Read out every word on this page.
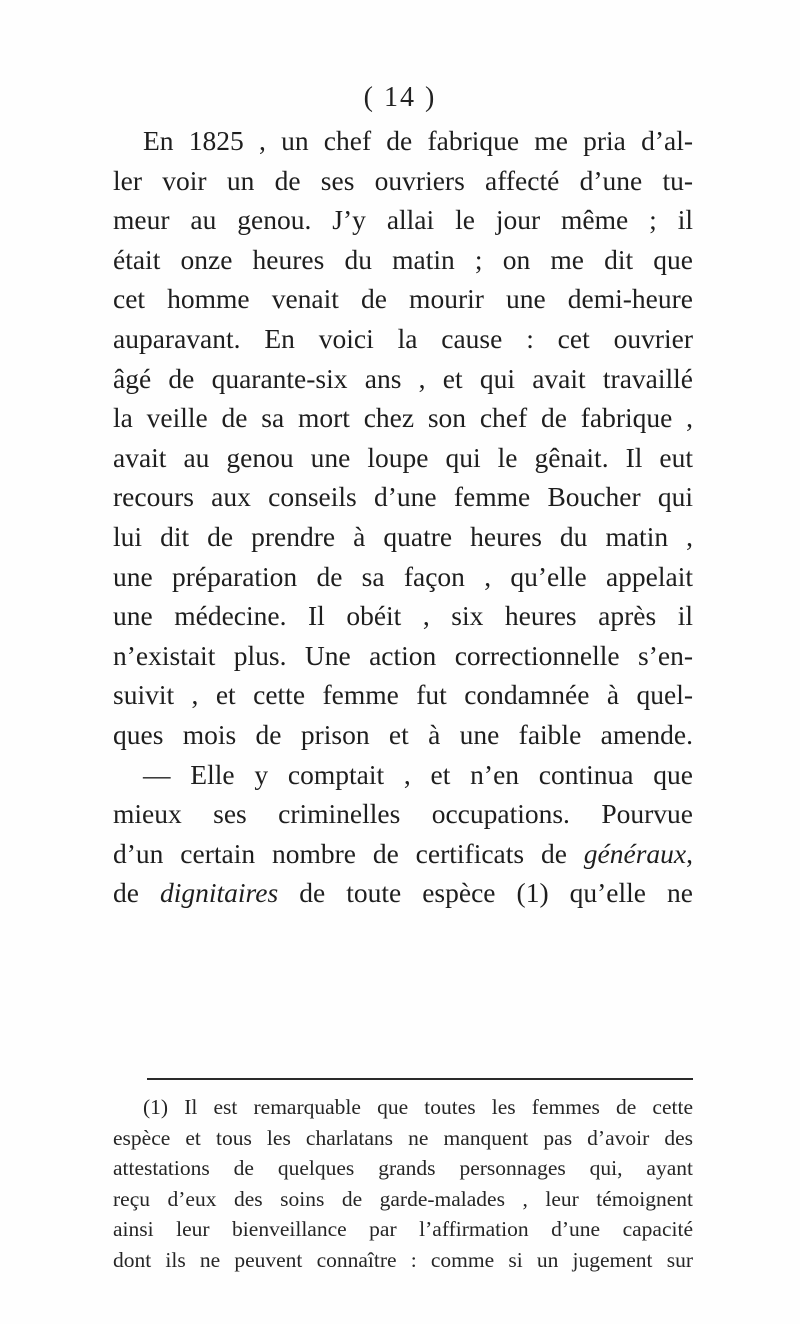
( 14 )
En 1825 , un chef de fabrique me pria d’al-
ler voir un de ses ouvriers affecté d’une tu-
meur au genou. J’y allai le jour même ; il
était onze heures du matin ; on me dit que
cet homme venait de mourir une demi-heure
auparavant. En voici la cause : cet ouvrier
âgé de quarante-six ans , et qui avait travaillé
la veille de sa mort chez son chef de fabrique ,
avait au genou une loupe qui le gênait. Il eut
recours aux conseils d’une femme Boucher qui
lui dit de prendre à quatre heures du matin ,
une préparation de sa façon , qu’elle appelait
une médecine. Il obéit , six heures après il
n’existait plus. Une action correctionnelle s’en-
suivit , et cette femme fut condamnée à quel-
ques mois de prison et à une faible amende.
— Elle y comptait , et n’en continua que
mieux ses criminelles occupations. Pourvue
d’un certain nombre de certificats de généraux,
de dignitaires de toute espèce (1) qu’elle ne
(1) Il est remarquable que toutes les femmes de cette
espèce et tous les charlatans ne manquent pas d’avoir des
attestations de quelques grands personnages qui, ayant
reçu d’eux des soins de garde-malades , leur témoignent
ainsi leur bienveillance par l’affirmation d’une capacité
dont ils ne peuvent connaître : comme si un jugement sur
